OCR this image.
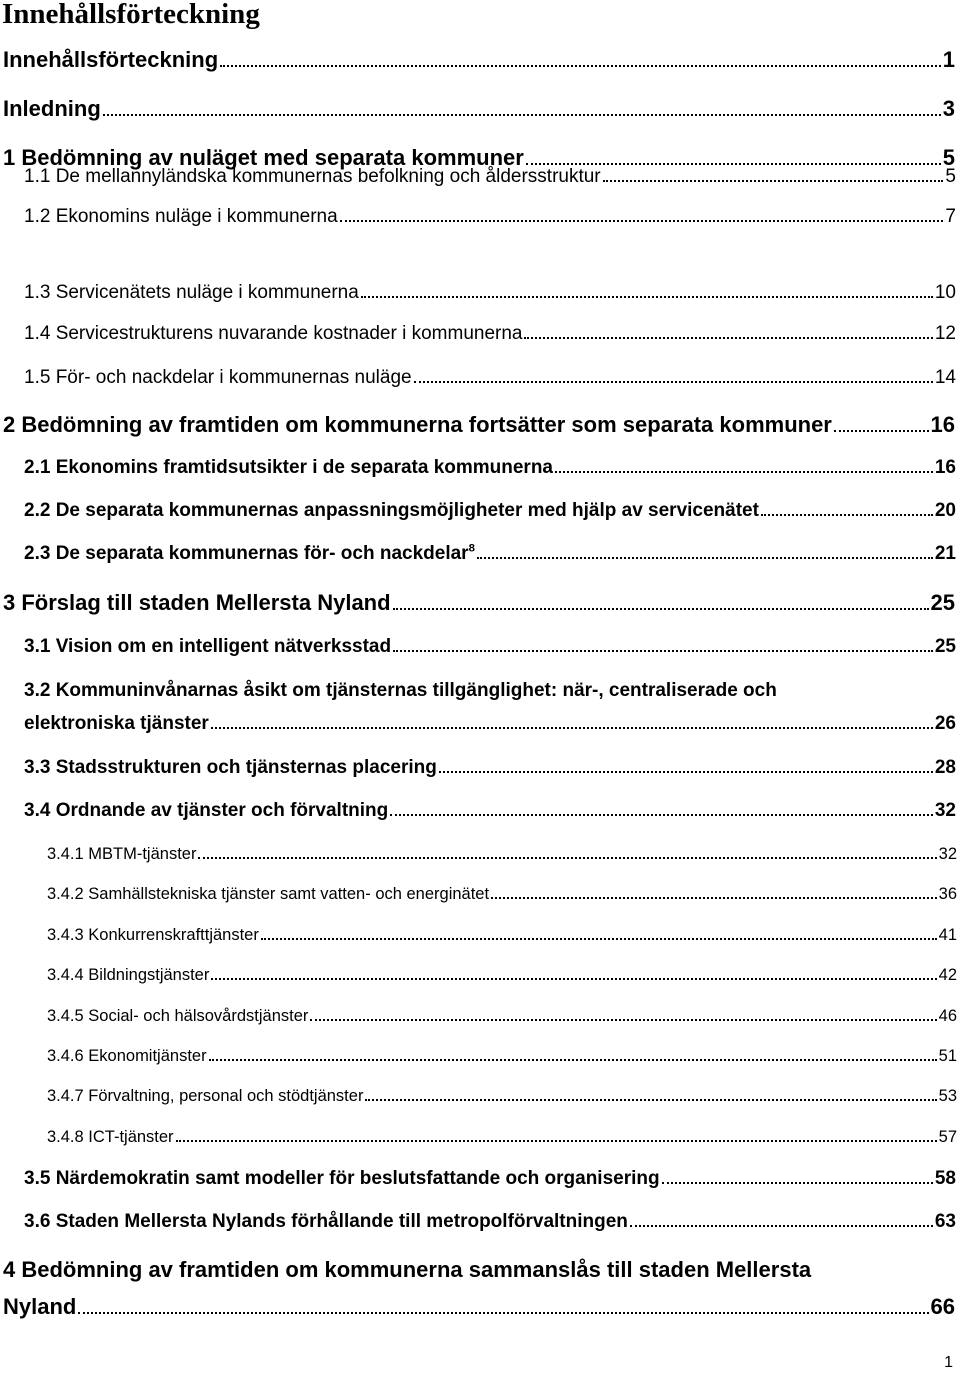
Innehållsförteckning
Innehållsförteckning	1
Inledning	3
1 Bedömning av nuläget med separata kommuner	5
1.1 De mellannyländska kommunernas befolkning och åldersstruktur	5
1.2 Ekonomins nuläge i kommunerna	7
1.3 Servicenätets nuläge i kommunerna	10
1.4 Servicestrukturens nuvarande kostnader i kommunerna	12
1.5 För- och nackdelar i kommunernas nuläge	14
2 Bedömning av framtiden om kommunerna fortsätter som separata kommuner	16
2.1 Ekonomins framtidsutsikter i de separata kommunerna	16
2.2 De separata kommunernas anpassningsmöjligheter med hjälp av servicenätet	20
2.3 De separata kommunernas för- och nackdelar$^8$	21
3 Förslag till staden Mellersta Nyland	25
3.1 Vision om en intelligent nätverksstad	25
3.2 Kommuninvånarnas åsikt om tjänsternas tillgänglighet: när-, centraliserade och
elektroniska tjänster	26
3.3 Stadsstrukturen och tjänsternas placering	28
3.4 Ordnande av tjänster och förvaltning	32
3.4.1 MBTM-tjänster	32
3.4.2 Samhällstekniska tjänster samt vatten- och energinätet	36
3.4.3 Konkurrenskrafttjänster	41
3.4.4 Bildningstjänster	42
3.4.5 Social- och hälsovårdstjänster	46
3.4.6 Ekonomitjänster	51
3.4.7 Förvaltning, personal och stödtjänster	53
3.4.8 ICT-tjänster	57
3.5 Närdemokratin samt modeller för beslutsfattande och organisering	58
3.6 Staden Mellersta Nylands förhållande till metropolförvaltningen	63
4 Bedömning av framtiden om kommunerna sammanslås till staden Mellersta
Nyland	66
1
